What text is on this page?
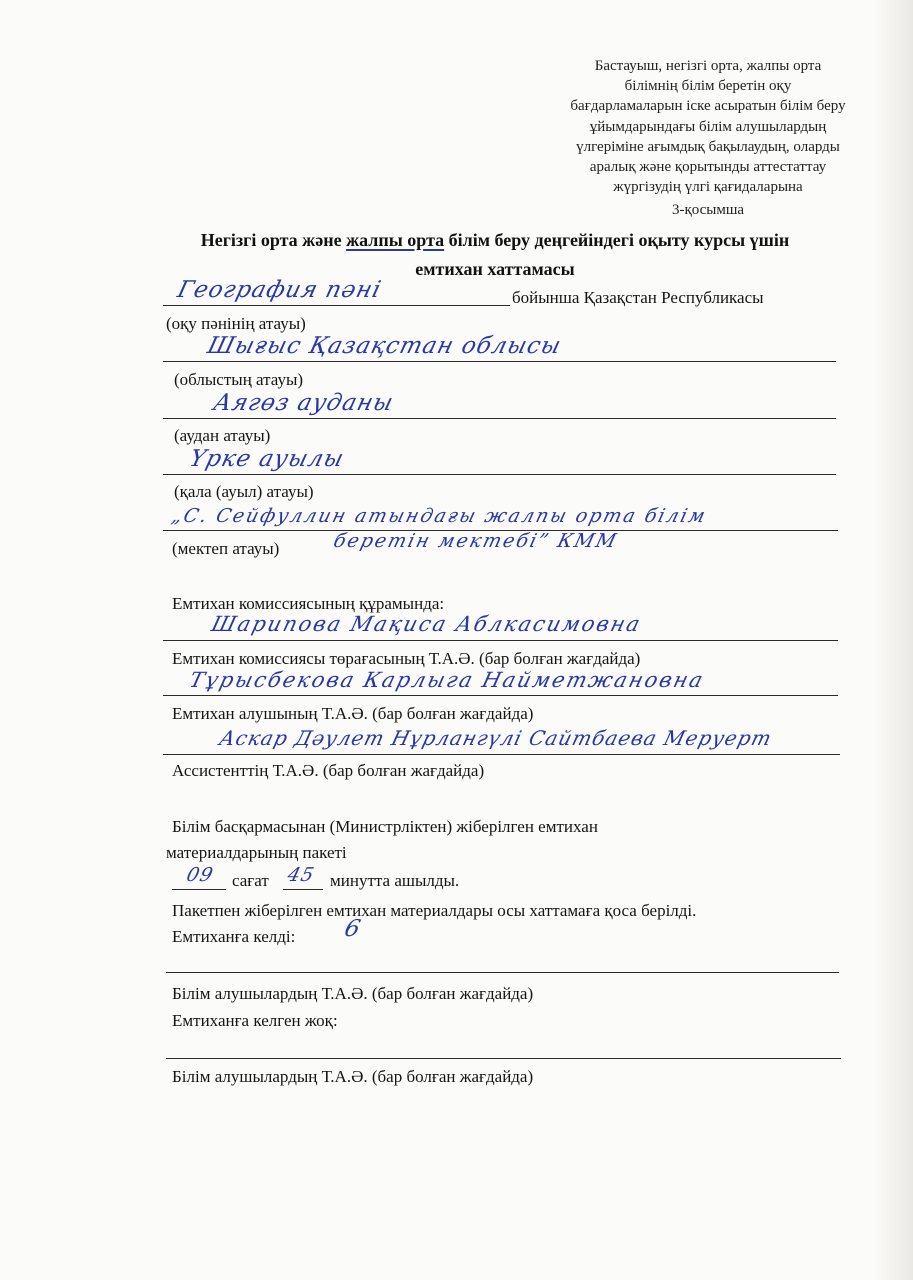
Бастауыш, негізгі орта, жалпы орта
білімнің білім беретін оқу
бағдарламаларын іске асыратын білім беру
ұйымдарындағы білім алушылардың
үлгеріміне ағымдық бақылаудың, оларды
аралық және қорытынды аттестаттау
жүргізудің үлгі қағидаларына
3-қосымша
Негізгі орта және жалпы орта білім беру деңгейіндегі оқыту курсы үшін
емтихан хаттамасы
География пәні	бойынша Қазақстан Республикасы
(оқу пәнінің атауы)
Шығыс Қазақстан облысы
(облыстың атауы)
Аягөз ауданы
(аудан атауы)
Үрке ауылы
(қала (ауыл) атауы)
„С. Сейфуллин атындағы жалпы орта білім
(мектеп атауы)	беретін мектебі” КММ
Емтихан комиссиясының құрамында:
Шарипова Мақиса Аблкасимовна
Емтихан комиссиясы төрағасының Т.А.Ә. (бар болған жағдайда)
Тұрысбекова Карлыга Найметжановна
Емтихан алушының Т.А.Ә. (бар болған жағдайда)
Аскар Дәулет Нұрлангүлі Сайтбаева Меруерт
Ассистенттің Т.А.Ә. (бар болған жағдайда)
Білім басқармасынан (Министрліктен) жіберілген емтихан
материалдарының пакеті
09 сағат 45 минутта ашылды.
Пакетпен жіберілген емтихан материалдары осы хаттамаға қоса берілді.
Емтиханға келді: 6
Білім алушылардың Т.А.Ә. (бар болған жағдайда)
Емтиханға келген жоқ:
Білім алушылардың Т.А.Ә. (бар болған жағдайда)
